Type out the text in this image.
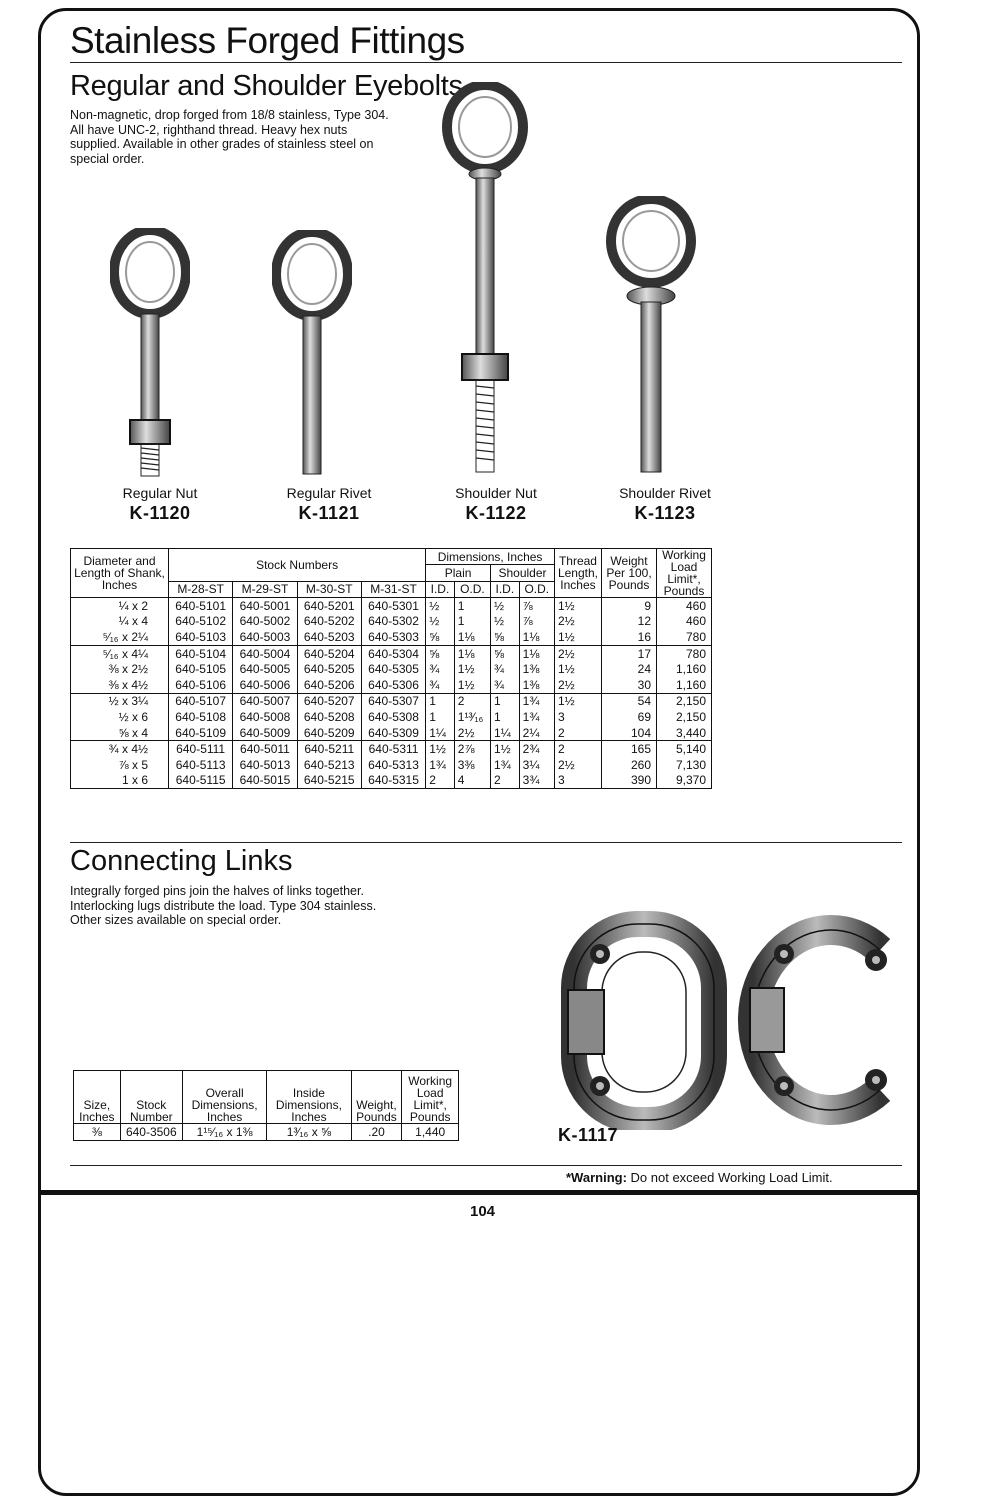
Stainless Forged Fittings
Regular and Shoulder Eyebolts

Non-magnetic, drop forged from 18/8 stainless, Type 304. All have UNC-2, righthand thread. Heavy hex nuts supplied. Available in other grades of stainless steel on special order.

Regular Nut
K-1120
Regular Rivet
K-1121
Shoulder Nut
K-1122
Shoulder Rivet
K-1123
Diameter and Length of Shank, Inches	Stock Numbers				Dimensions, Inches				Thread Length, Inches	Weight Per 100, Pounds	Working Load Limit*, Pounds
					Plain		Shoulder				
	M-28-ST	M-29-ST	M-30-ST	M-31-ST	I.D.	O.D.	I.D.	O.D.			
¼ x 2	640-5101	640-5001	640-5201	640-5301	½	1	½	⅞	1½	9	460
¼ x 4	640-5102	640-5002	640-5202	640-5302	½	1	½	⅞	2½	12	460
⁵⁄₁₆ x 2¼	640-5103	640-5003	640-5203	640-5303	⅝	1⅛	⅝	1⅛	1½	16	780
⁵⁄₁₆ x 4¼	640-5104	640-5004	640-5204	640-5304	⅝	1⅛	⅝	1⅛	2½	17	780
⅜ x 2½	640-5105	640-5005	640-5205	640-5305	¾	1½	¾	1⅜	1½	24	1,160
⅜ x 4½	640-5106	640-5006	640-5206	640-5306	¾	1½	¾	1⅜	2½	30	1,160
½ x 3¼	640-5107	640-5007	640-5207	640-5307	1	2	1	1¾	1½	54	2,150
½ x 6	640-5108	640-5008	640-5208	640-5308	1	1¹³⁄₁₆	1	1¾	3	69	2,150
⅝ x 4	640-5109	640-5009	640-5209	640-5309	1¼	2½	1¼	2¼	2	104	3,440
¾ x 4½	640-5111	640-5011	640-5211	640-5311	1½	2⅞	1½	2¾	2	165	5,140
⅞ x 5	640-5113	640-5013	640-5213	640-5313	1¾	3⅜	1¾	3¼	2½	260	7,130
1 x 6	640-5115	640-5015	640-5215	640-5315	2	4	2	3¾	3	390	9,370
Connecting Links

Integrally forged pins join the halves of links together. Interlocking lugs distribute the load. Type 304 stainless. Other sizes available on special order.

K-1117
Size, Inches	Stock Number	Overall Dimensions, Inches	Inside Dimensions, Inches	Weight, Pounds	Working Load Limit*, Pounds
⅜	640-3506	1¹⁵⁄₁₆ x 1⅜	1³⁄₁₆ x ⅝	.20	1,440
*Warning: Do not exceed Working Load Limit.
104
